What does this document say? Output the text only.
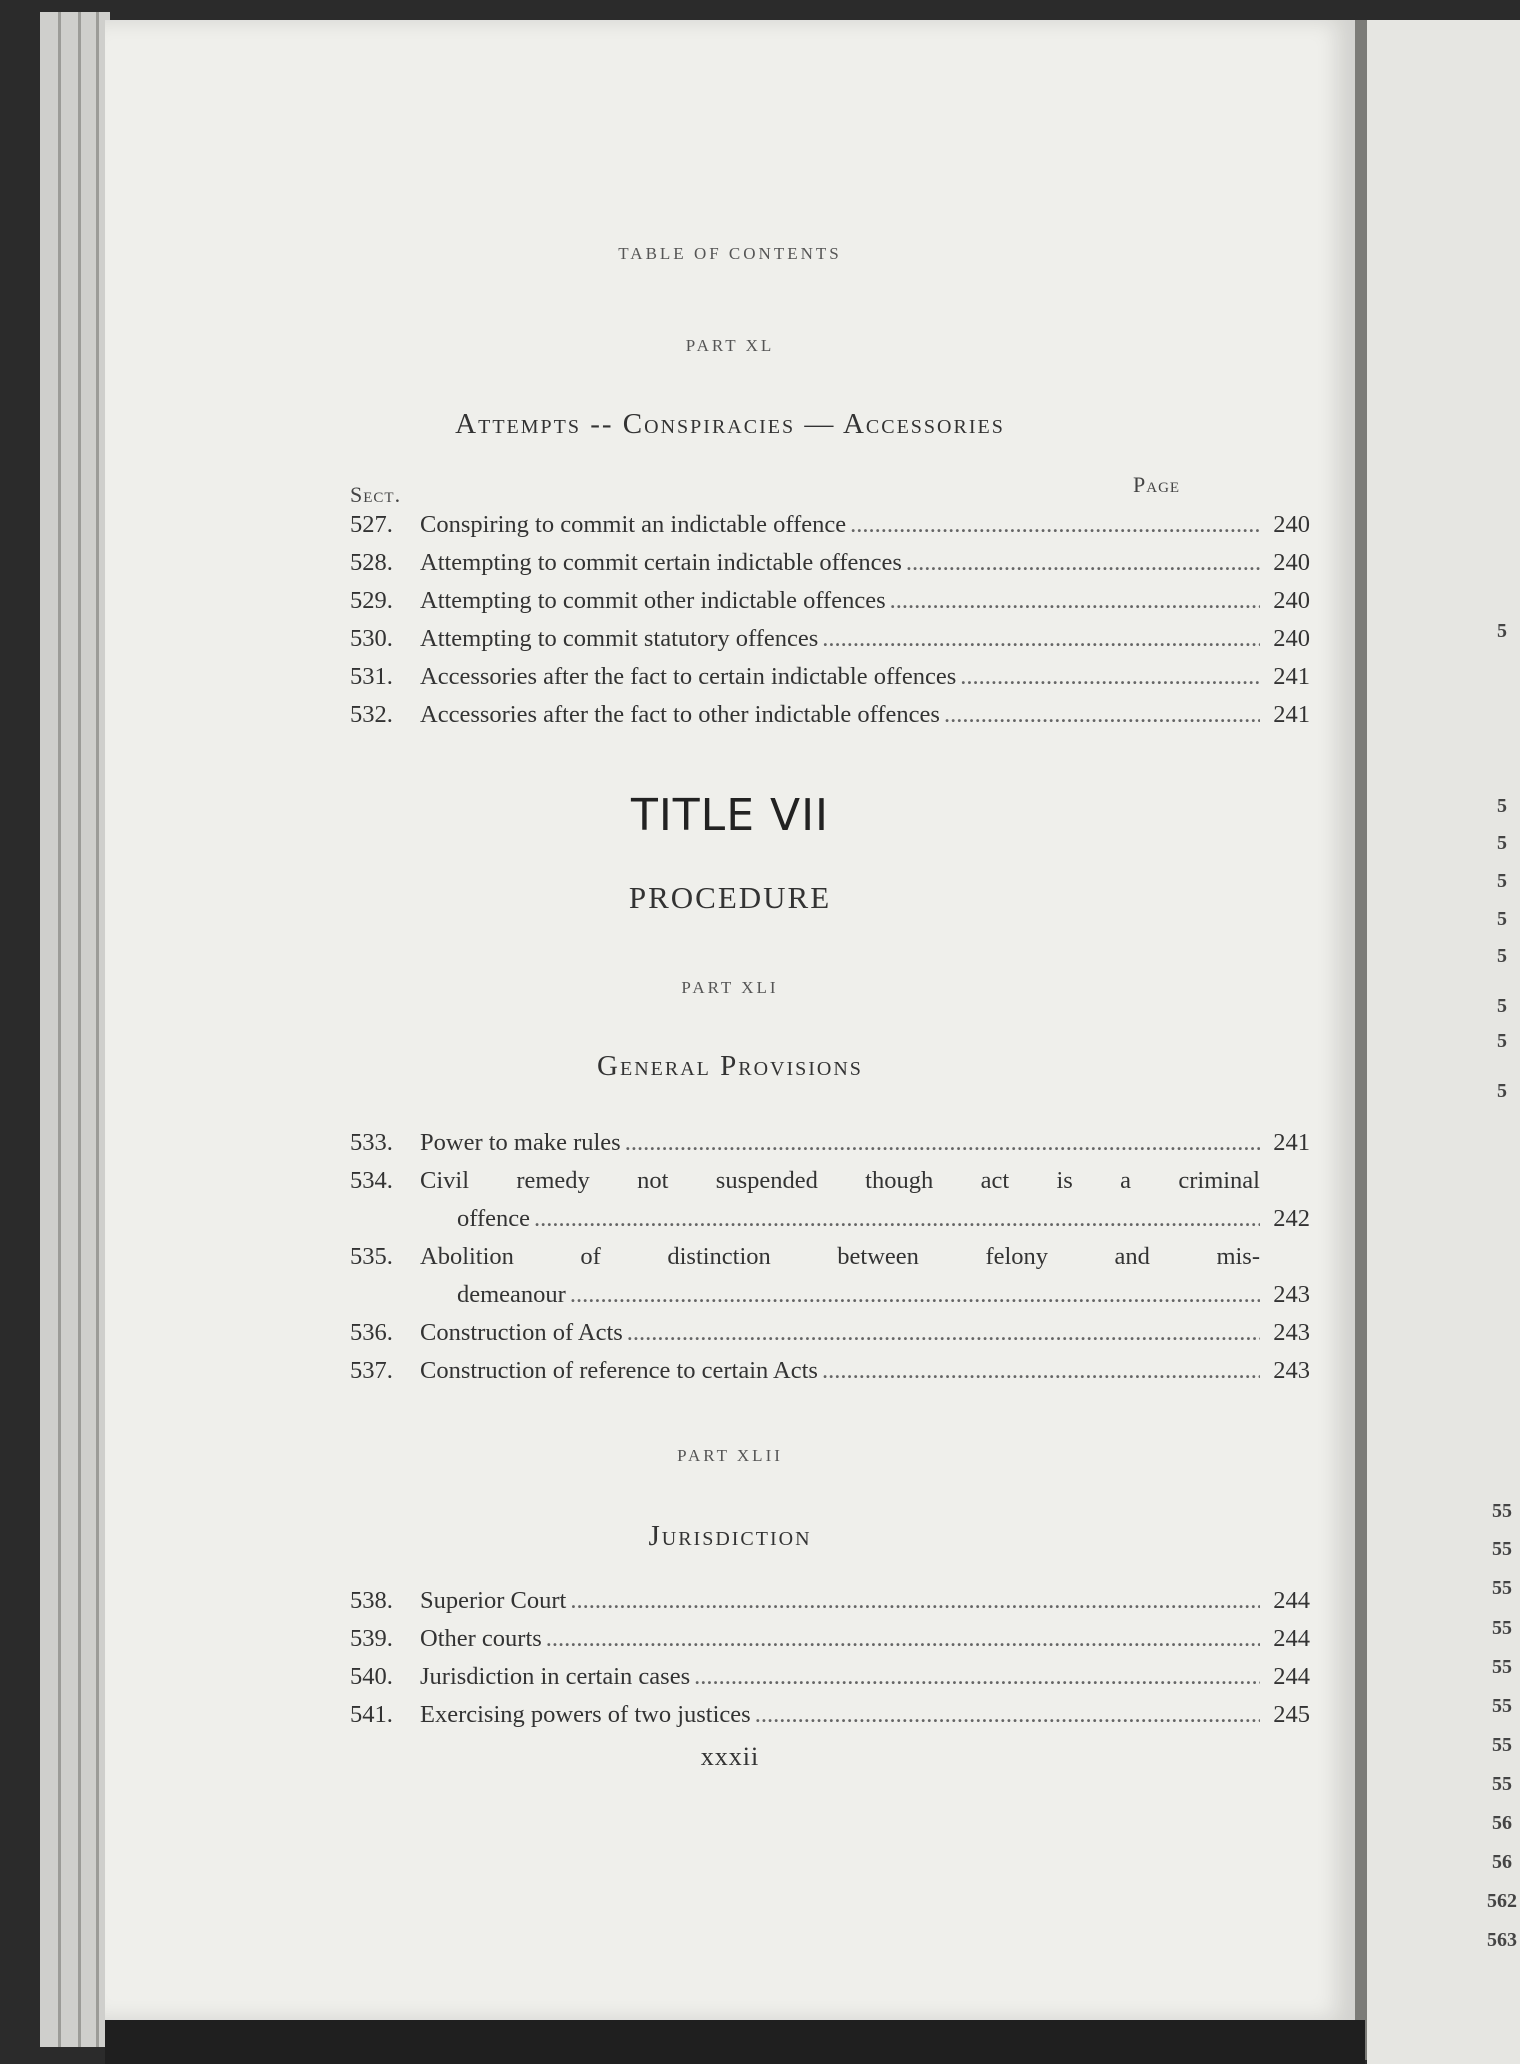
5
5
5
5
5
5
5
5
5
55
55
55
55
55
55
55
55
56
56
562
563
TABLE OF CONTENTS
PART XL
Attempts -- Conspiracies — Accessories
Sect.	Page
527.	Conspiring to commit an indictable offence .....	240
528.	Attempting to commit certain indictable offences .....	240
529.	Attempting to commit other indictable offences .....	240
530.	Attempting to commit statutory offences .....	240
531.	Accessories after the fact to certain indictable offences .....	241
532.	Accessories after the fact to other indictable offences .....	241
TITLE VII
PROCEDURE
PART XLI
General Provisions
533.	Power to make rules .....	241
534.	Civil remedy not suspended though act is a criminal
offence .....	242
535.	Abolition of distinction between felony and mis-
demeanour .....	243
536.	Construction of Acts .....	243
537.	Construction of reference to certain Acts .....	243
PART XLII
Jurisdiction
538.	Superior Court .....	244
539.	Other courts .....	244
540.	Jurisdiction in certain cases .....	244
541.	Exercising powers of two justices .....	245
xxxii
